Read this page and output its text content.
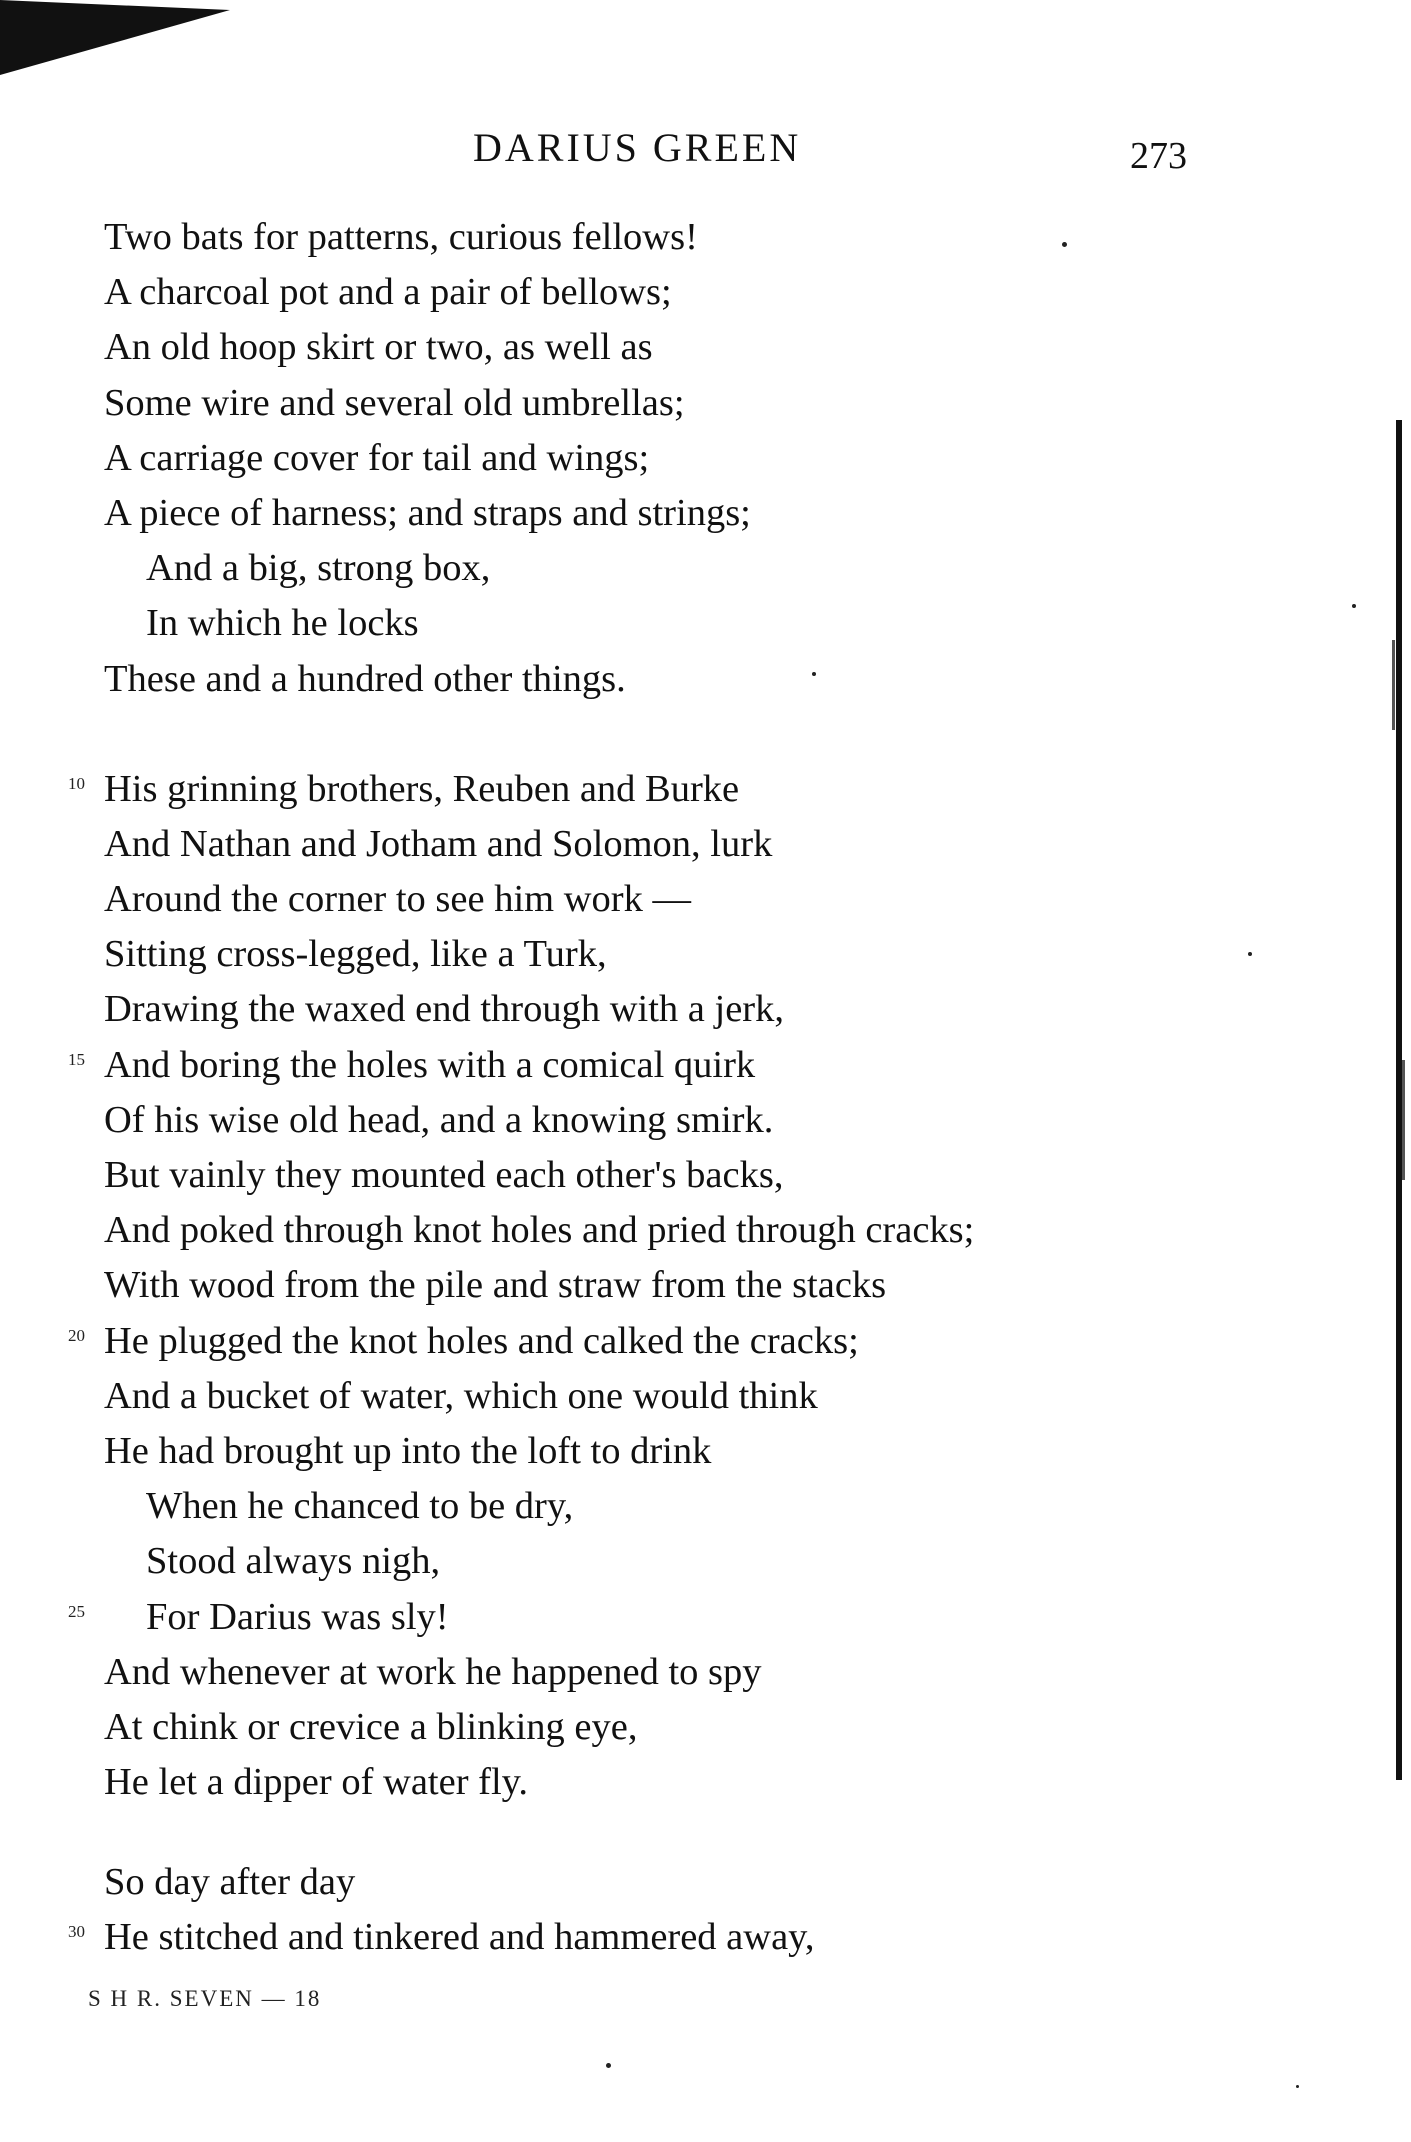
DARIUS GREEN	273
Two bats for patterns, curious fellows!
A charcoal pot and a pair of bellows;
An old hoop skirt or two, as well as
Some wire and several old umbrellas;
A carriage cover for tail and wings;
A piece of harness; and straps and strings;
And a big, strong box,
In which he locks
These and a hundred other things.
10 His grinning brothers, Reuben and Burke
And Nathan and Jotham and Solomon, lurk
Around the corner to see him work —
Sitting cross-legged, like a Turk,
Drawing the waxed end through with a jerk,
15 And boring the holes with a comical quirk
Of his wise old head, and a knowing smirk.
But vainly they mounted each other's backs,
And poked through knot holes and pried through cracks;
With wood from the pile and straw from the stacks
20 He plugged the knot holes and calked the cracks;
And a bucket of water, which one would think
He had brought up into the loft to drink
When he chanced to be dry,
Stood always nigh,
25 For Darius was sly!
And whenever at work he happened to spy
At chink or crevice a blinking eye,
He let a dipper of water fly.
So day after day
30 He stitched and tinkered and hammered away,
S H R. SEVEN — 18
